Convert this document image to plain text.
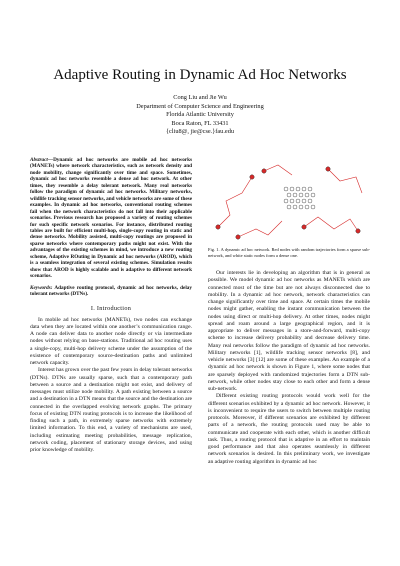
Adaptive Routing in Dynamic Ad Hoc Networks
Cong Liu and Jie Wu
Department of Computer Science and Engineering
Florida Atlantic University
Boca Raton, FL 33431
{cliu8@, jie@cse.}fau.edu

Abstract—Dynamic ad hoc networks are mobile ad hoc networks (MANETs) where network characteristics, such as network density and node mobility, change significantly over time and space. Sometimes, dynamic ad hoc networks resemble a dense ad hoc network. At other times, they resemble a delay tolerant network. Many real networks follow the paradigm of dynamic ad hoc networks. Military networks, wildlife tracking sensor networks, and vehicle networks are some of these examples. In dynamic ad hoc networks, conventional routing schemes fail when the network characteristics do not fall into their applicable scenarios. Previous research has proposed a variety of routing schemes for such specific network scenarios. For instance, distributed routing tables are built for efficient multi-hop, single-copy routing in static and dense networks. Mobility assisted, multi-copy routings are proposed in sparse networks where contemporary paths might not exist. With the advantages of the existing schemes in mind, we introduce a new routing scheme, Adaptive ROuting in Dynamic ad hoc networks (AROD), which is a seamless integration of several existing schemes. Simulation results show that AROD is highly scalable and is adaptive to different network scenarios.

Keywords: Adaptive routing protocol, dynamic ad hoc networks, delay tolerant networks (DTNs).

I. Introduction

In mobile ad hoc networks (MANETs), two nodes can exchange data when they are located within one another’s communication range. A node can deliver data to another node directly or via intermediate nodes without relying on base-stations. Traditional ad hoc routing uses a single-copy, multi-hop delivery scheme under the assumption of the existence of contemporary source-destination paths and unlimited network capacity.

Interest has grown over the past few years in delay tolerant networks (DTNs). DTNs are usually sparse, such that a contemporary path between a source and a destination might not exist, and delivery of messages must utilize node mobility. A path existing between a source and a destination in a DTN means that the source and the destination are connected in the overlapped evolving network graphs. The primary focus of existing DTN routing protocols is to increase the likelihood of finding such a path, in extremely sparse networks with extremely limited information. To this end, a variety of mechanisms are used, including estimating meeting probabilities, message replication, network coding, placement of stationary storage devices, and using prior knowledge of mobility.

Fig. 1. A dynamic ad hoc network. Red nodes with random trajectories form a sparse sub-network, and white static nodes form a dense one.

Our interests lie in developing an algorithm that is in general as possible. We model dynamic ad hoc networks as MANETs which are connected most of the time but are not always disconnected due to mobility. In a dynamic ad hoc network, network characteristics can change significantly over time and space. At certain times the mobile nodes might gather, enabling the instant communication between the nodes using direct or multi-hop delivery. At other times, nodes might spread and roam around a large geographical region, and it is appropriate to deliver messages in a store-and-forward, multi-copy scheme to increase delivery probability and decrease delivery time. Many real networks follow the paradigm of dynamic ad hoc networks. Military networks [1], wildlife tracking sensor networks [8], and vehicle networks [3] [12] are some of these examples. An example of a dynamic ad hoc network is shown in Figure 1, where some nodes that are sparsely deployed with randomized trajectories form a DTN sub-network, while other nodes stay close to each other and form a dense sub-network.

Different existing routing protocols would work well for the different scenarios exhibited by a dynamic ad hoc network. However, it is inconvenient to require the users to switch between multiple routing protocols. Moreover, if different scenarios are exhibited by different parts of a network, the routing protocols used may be able to communicate and cooperate with each other, which is another difficult task. Thus, a routing protocol that is adaptive in an effort to maintain good performance and that also operates seamlessly in different network scenarios is desired. In this preliminary work, we investigate an adaptive routing algorithm in dynamic ad hoc
